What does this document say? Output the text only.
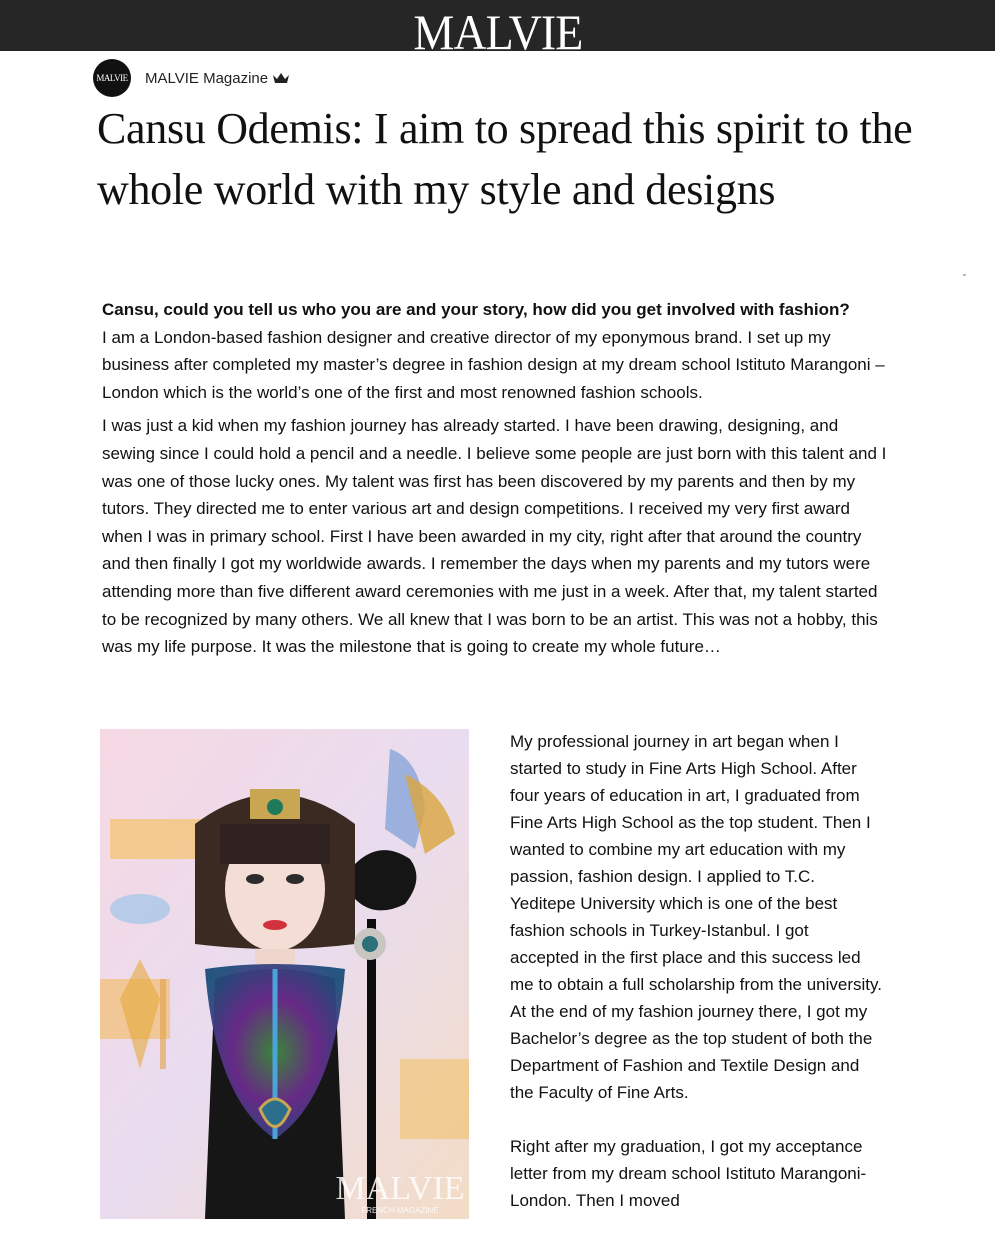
MALVIE
MALVIE MALVIE Magazine
Cansu Odemis: I aim to spread this spirit to the whole world with my style and designs

Cansu, could you tell us who you are and your story, how did you get involved with fashion?

I am a London-based fashion designer and creative director of my eponymous brand. I set up my business after completed my master’s degree in fashion design at my dream school Istituto Marangoni –London which is the world’s one of the first and most renowned fashion schools.

I was just a kid when my fashion journey has already started. I have been drawing, designing, and sewing since I could hold a pencil and a needle. I believe some people are just born with this talent and I was one of those lucky ones. My talent was first has been discovered by my parents and then by my tutors. They directed me to enter various art and design competitions. I received my very first award when I was in primary school. First I have been awarded in my city, right after that around the country and then finally I got my worldwide awards. I remember the days when my parents and my tutors were attending more than five different award ceremonies with me just in a week. After that, my talent started to be recognized by many others. We all knew that I was born to be an artist. This was not a hobby, this was my life purpose. It was the milestone that is going to create my whole future…

MALVIE
FRENCH MAGAZINE

My professional journey in art began when I started to study in Fine Arts High School. After four years of education in art, I graduated from Fine Arts High School as the top student. Then I wanted to combine my art education with my passion, fashion design. I applied to T.C. Yeditepe University which is one of the best fashion schools in Turkey-Istanbul. I got accepted in the first place and this success led me to obtain a full scholarship from the university. At the end of my fashion journey there, I got my Bachelor’s degree as the top student of both the Department of Fashion and Textile Design and the Faculty of Fine Arts.

Right after my graduation, I got my acceptance letter from my dream school Istituto Marangoni-London. Then I moved
